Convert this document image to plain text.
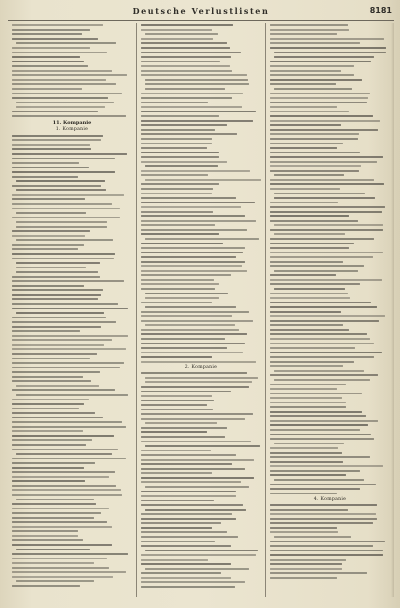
Deutsche Verlustlisten	8181
11. Kompanie
1. Kompanie
2. Kompanie
4. Kompanie
